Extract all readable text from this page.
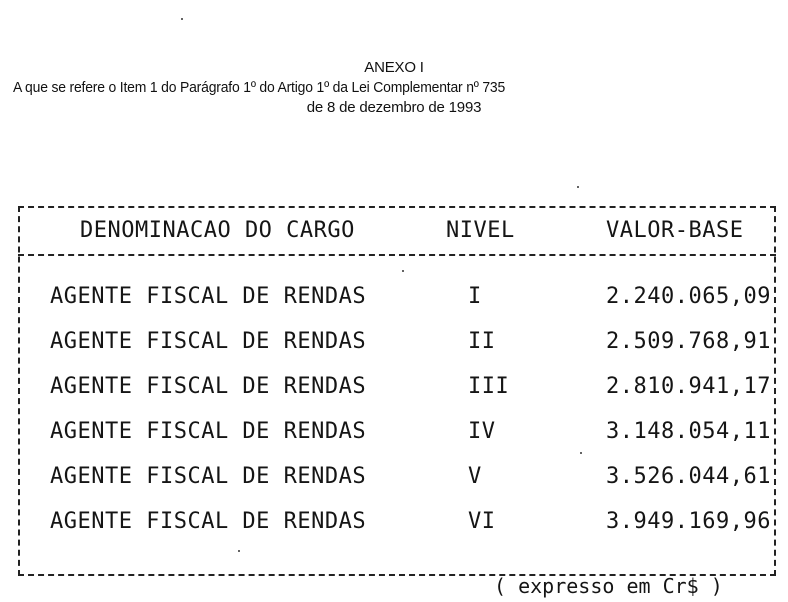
ANEXO I
A que se refere o Item 1 do Parágrafo 1º do Artigo 1º da Lei Complementar nº 735
de 8 de dezembro de 1993
DENOMINACAO DO CARGO	NIVEL	VALOR-BASE
AGENTE FISCAL DE RENDAS	I	2.240.065,09
AGENTE FISCAL DE RENDAS	II	2.509.768,91
AGENTE FISCAL DE RENDAS	III	2.810.941,17
AGENTE FISCAL DE RENDAS	IV	3.148.054,11
AGENTE FISCAL DE RENDAS	V	3.526.044,61
AGENTE FISCAL DE RENDAS	VI	3.949.169,96
( expresso em Cr$ )
